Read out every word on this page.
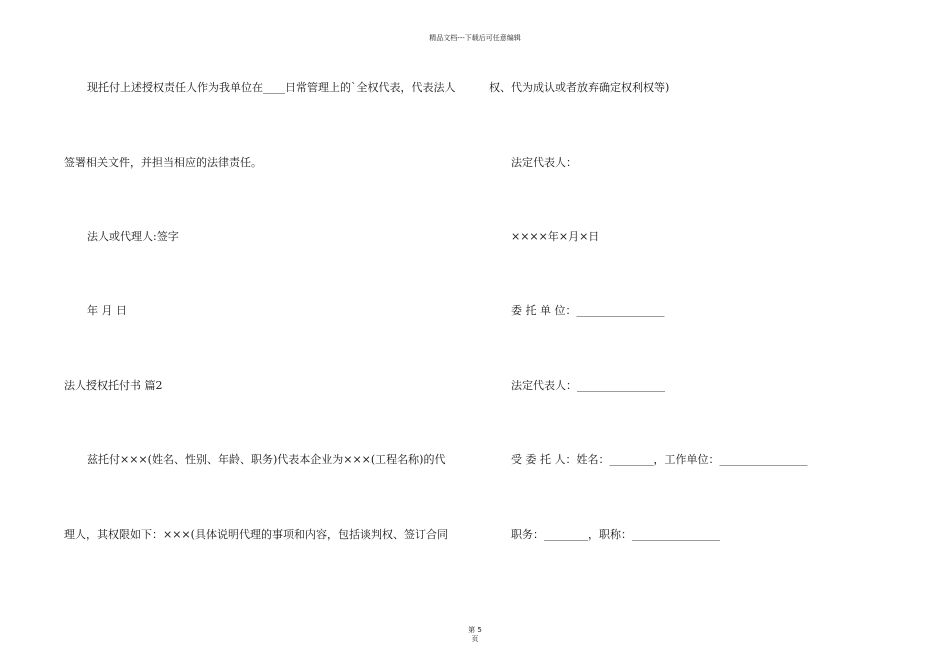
精品文档---下载后可任意编辑
现托付上述授权责任人作为我单位在____日常管理上的`全权代表，代表法人
签署相关文件，并担当相应的法律责任。
法人或代理人:签字
年 月 日
法人授权托付书 篇2
兹托付×××(姓名、性别、年龄、职务)代表本企业为×××(工程名称)的代
理人，其权限如下：×××(具体说明代理的事项和内容，包括谈判权、签订合同
权、代为成认或者放弃确定权利权等)
法定代表人：
××××年×月×日
委 托 单 位：________________
法定代表人：________________
受 委 托 人：姓名：________，工作单位：________________
职务：________，职称：________________
第 5
页
